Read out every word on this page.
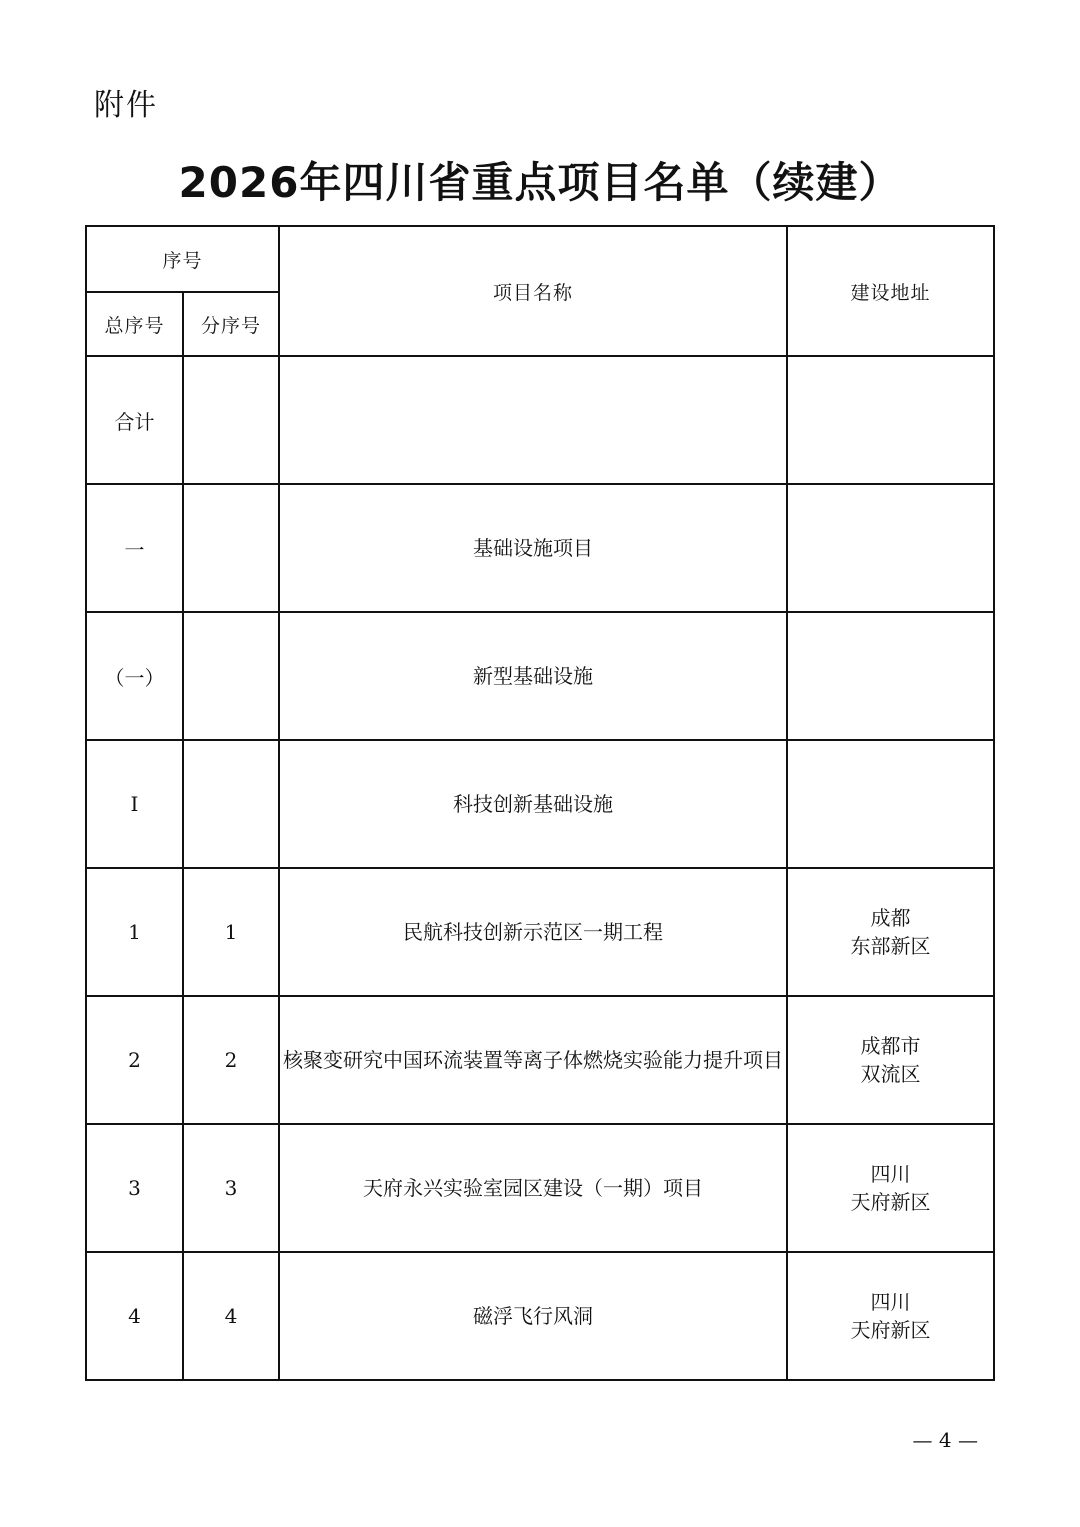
附件
2026年四川省重点项目名单（续建）
序号		项目名称	建设地址
总序号	分序号		
合计			

一		基础设施项目	

（一）		新型基础设施	

Ⅰ		科技创新基础设施	

1	1	民航科技创新示范区一期工程	成都
东部新区

2	2	核聚变研究中国环流装置等离子体燃烧实验能力提升项目	成都市
双流区

3	3	天府永兴实验室园区建设（一期）项目	四川
天府新区

4	4	磁浮飞行风洞	四川
天府新区
— 4 —
